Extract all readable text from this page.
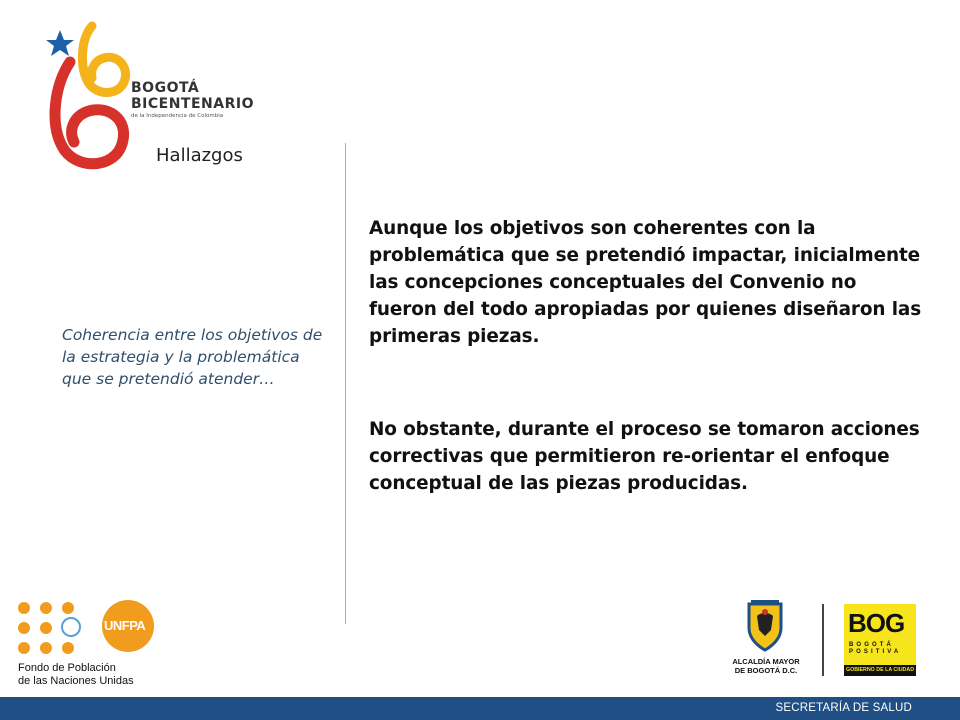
BOGOTÁ
BICENTENARIO
de la Independencia de Colombia
Hallazgos
Coherencia entre los objetivos de la estrategia y la problemática que se pretendió atender…
Aunque los objetivos son coherentes con la problemática que se pretendió impactar, inicialmente las concepciones conceptuales del Convenio no fueron del todo apropiadas por quienes diseñaron las primeras piezas.
No obstante, durante el proceso se tomaron acciones correctivas que permitieron re-orientar el enfoque conceptual de las piezas producidas.
UNFPA
Fondo de Población
de las Naciones Unidas
ALCALDÍA MAYOR
DE BOGOTÁ D.C.
BOG
BOGOTÁ POSITIVA
GOBIERNO DE LA CIUDAD
SECRETARÍA DE SALUD
